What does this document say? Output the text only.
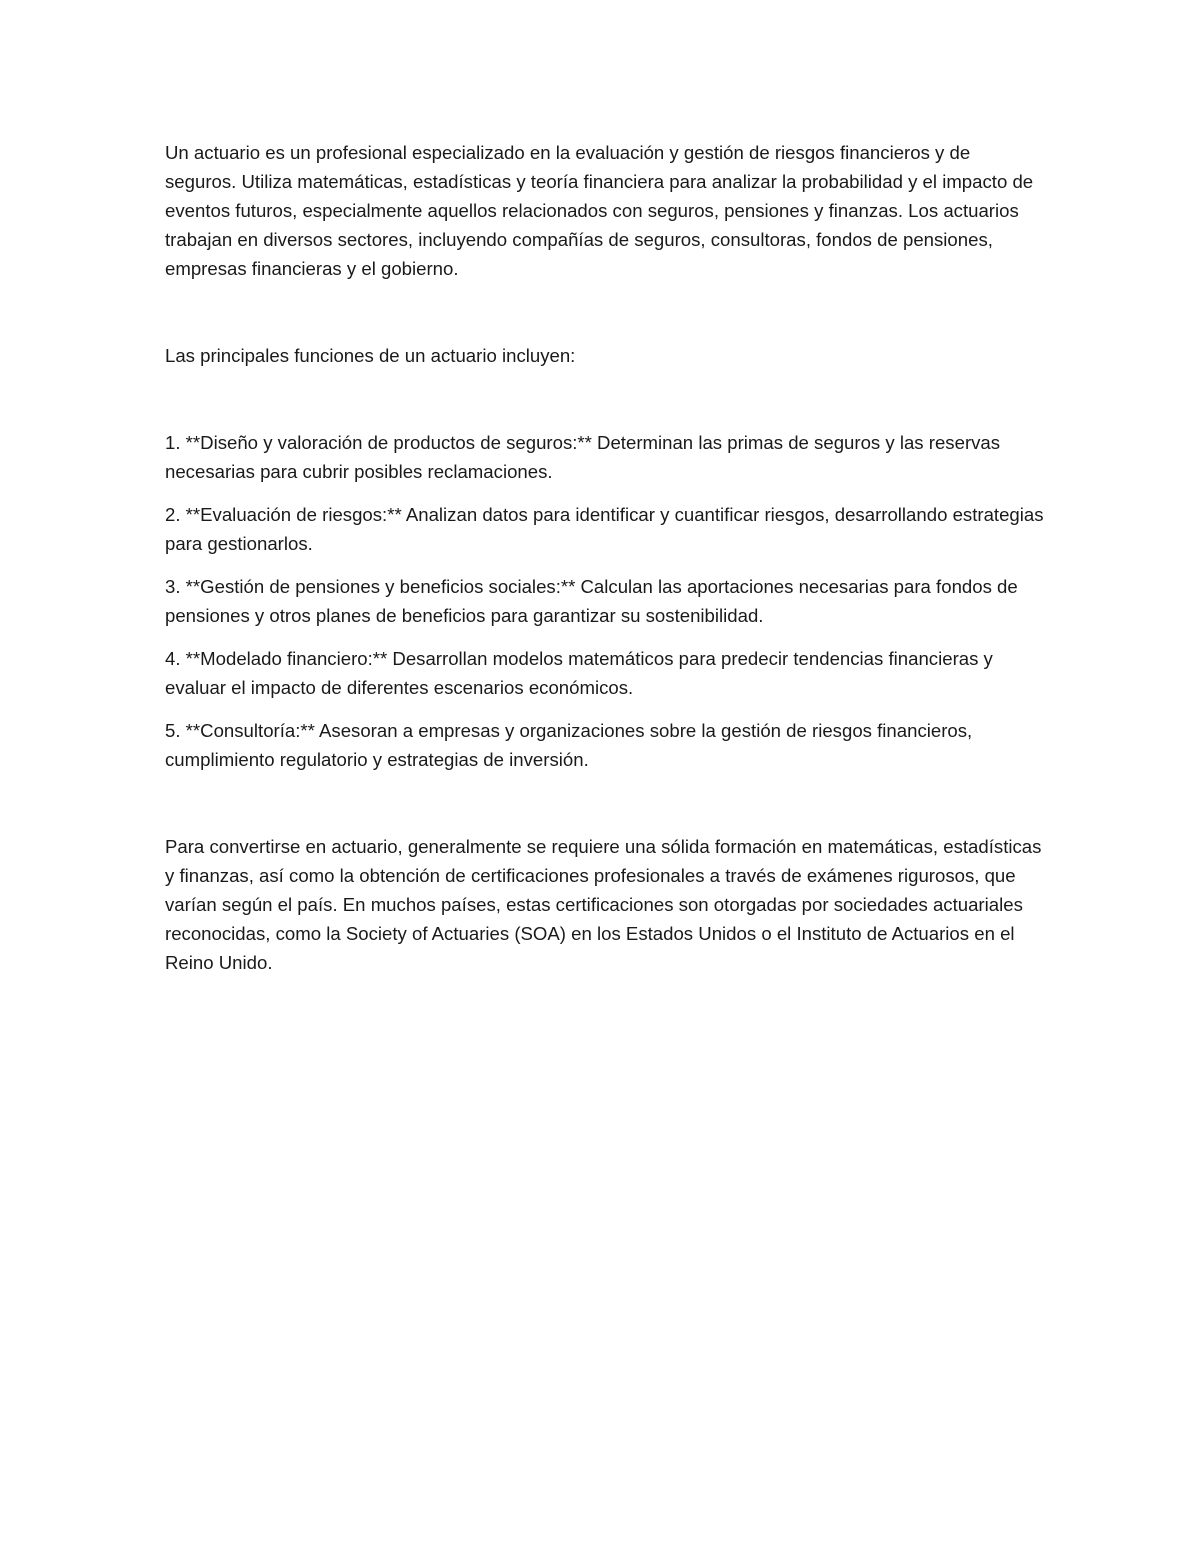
Un actuario es un profesional especializado en la evaluación y gestión de riesgos financieros y de seguros. Utiliza matemáticas, estadísticas y teoría financiera para analizar la probabilidad y el impacto de eventos futuros, especialmente aquellos relacionados con seguros, pensiones y finanzas. Los actuarios trabajan en diversos sectores, incluyendo compañías de seguros, consultoras, fondos de pensiones, empresas financieras y el gobierno.

Las principales funciones de un actuario incluyen:

1. **Diseño y valoración de productos de seguros:** Determinan las primas de seguros y las reservas necesarias para cubrir posibles reclamaciones.

2. **Evaluación de riesgos:** Analizan datos para identificar y cuantificar riesgos, desarrollando estrategias para gestionarlos.

3. **Gestión de pensiones y beneficios sociales:** Calculan las aportaciones necesarias para fondos de pensiones y otros planes de beneficios para garantizar su sostenibilidad.

4. **Modelado financiero:** Desarrollan modelos matemáticos para predecir tendencias financieras y evaluar el impacto de diferentes escenarios económicos.

5. **Consultoría:** Asesoran a empresas y organizaciones sobre la gestión de riesgos financieros, cumplimiento regulatorio y estrategias de inversión.

Para convertirse en actuario, generalmente se requiere una sólida formación en matemáticas, estadísticas y finanzas, así como la obtención de certificaciones profesionales a través de exámenes rigurosos, que varían según el país. En muchos países, estas certificaciones son otorgadas por sociedades actuariales reconocidas, como la Society of Actuaries (SOA) en los Estados Unidos o el Instituto de Actuarios en el Reino Unido.
